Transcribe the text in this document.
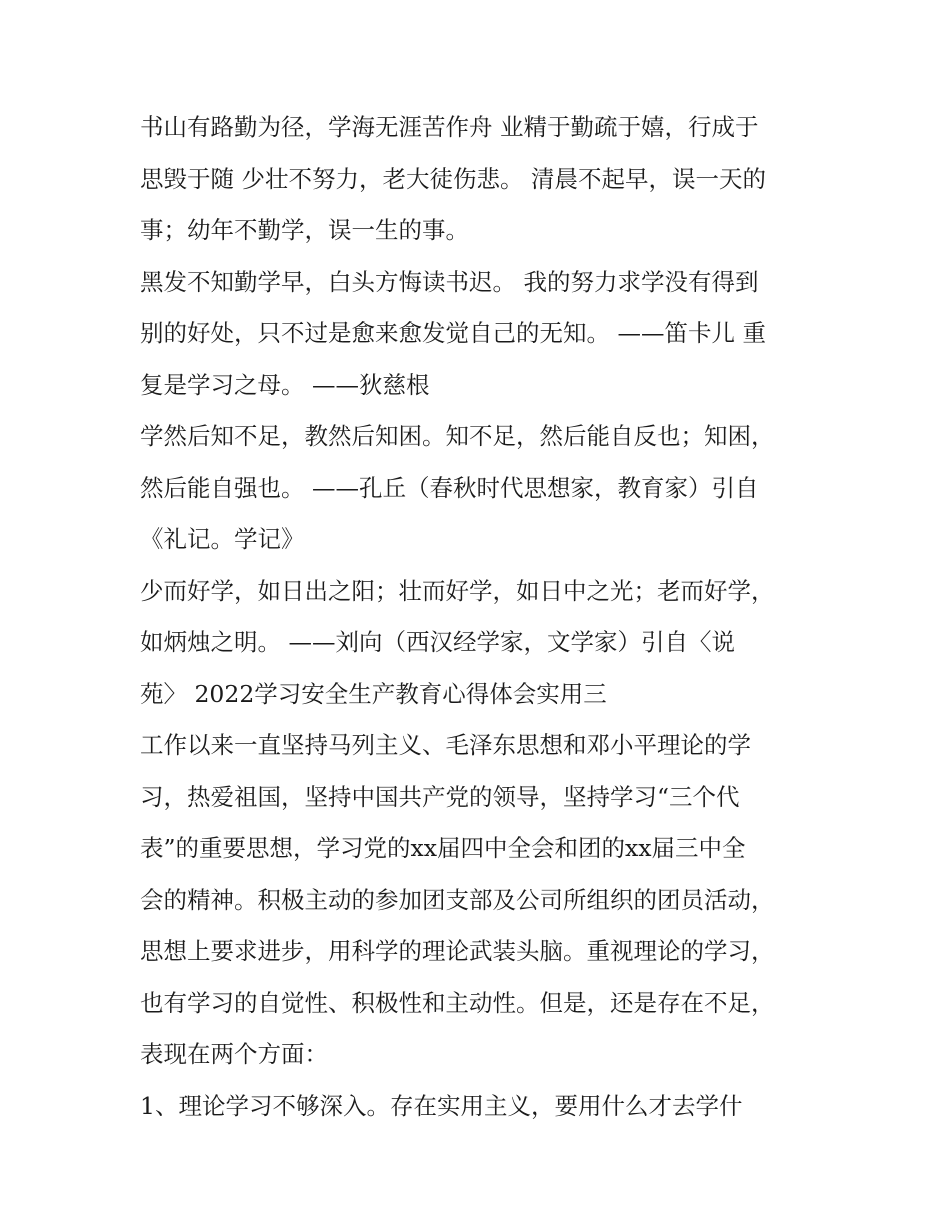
书山有路勤为径，学海无涯苦作舟 业精于勤疏于嬉，行成于
思毁于随 少壮不努力，老大徒伤悲。 清晨不起早，误一天的
事；幼年不勤学，误一生的事。
黑发不知勤学早，白头方悔读书迟。 我的努力求学没有得到
别的好处，只不过是愈来愈发觉自己的无知。 ——笛卡儿 重
复是学习之母。 ——狄慈根
学然后知不足，教然后知困。知不足，然后能自反也；知困，
然后能自强也。 ——孔丘（春秋时代思想家，教育家）引自
《礼记。学记》
少而好学，如日出之阳；壮而好学，如日中之光；老而好学，
如炳烛之明。 ——刘向（西汉经学家，文学家）引自〈说
苑〉 2022学习安全生产教育心得体会实用三
工作以来一直坚持马列主义、毛泽东思想和邓小平理论的学
习，热爱祖国，坚持中国共产党的领导，坚持学习“三个代
表”的重要思想，学习党的xx届四中全会和团的xx届三中全
会的精神。积极主动的参加团支部及公司所组织的团员活动，
思想上要求进步，用科学的理论武装头脑。重视理论的学习，
也有学习的自觉性、积极性和主动性。但是，还是存在不足，
表现在两个方面：
1、理论学习不够深入。存在实用主义，要用什么才去学什
